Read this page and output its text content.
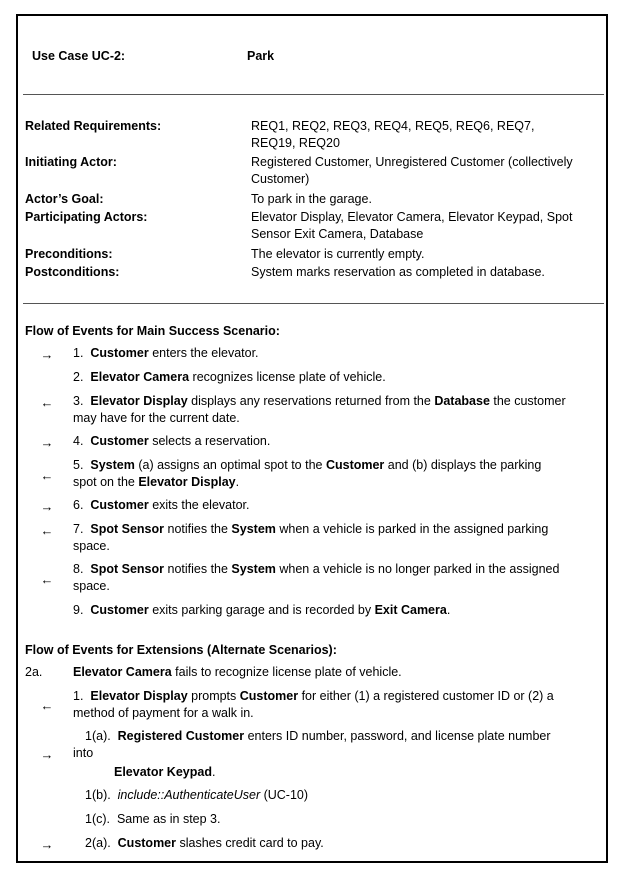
Use Case UC-2:	Park
Related Requirements:	REQ1, REQ2, REQ3, REQ4, REQ5, REQ6, REQ7,
REQ19, REQ20
Initiating Actor:	Registered Customer, Unregistered Customer (collectively
Customer)
Actor’s Goal:	To park in the garage.
Participating Actors:	Elevator Display, Elevator Camera, Elevator Keypad, Spot
Sensor Exit Camera, Database
Preconditions:	The elevator is currently empty.
Postconditions:	System marks reservation as completed in database.
Flow of Events for Main Success Scenario:
→ 1. Customer enters the elevator.
2. Elevator Camera recognizes license plate of vehicle.
← 3. Elevator Display displays any reservations returned from the Database the customer
may have for the current date.
→ 4. Customer selects a reservation.
←
5. System (a) assigns an optimal spot to the Customer and (b) displays the parking
spot on the Elevator Display.
→ 6. Customer exits the elevator.
← 7. Spot Sensor notifies the System when a vehicle is parked in the assigned parking
space.
←
8. Spot Sensor notifies the System when a vehicle is no longer parked in the assigned
space.
9. Customer exits parking garage and is recorded by Exit Camera.
Flow of Events for Extensions (Alternate Scenarios):
2a. Elevator Camera fails to recognize license plate of vehicle.
←
1. Elevator Display prompts Customer for either (1) a registered customer ID or (2) a
method of payment for a walk in.
→
1(a). Registered Customer enters ID number, password, and license plate number
into
Elevator Keypad.
1(b). include::AuthenticateUser (UC-10)
1(c). Same as in step 3.
→	2(a). Customer slashes credit card to pay.
